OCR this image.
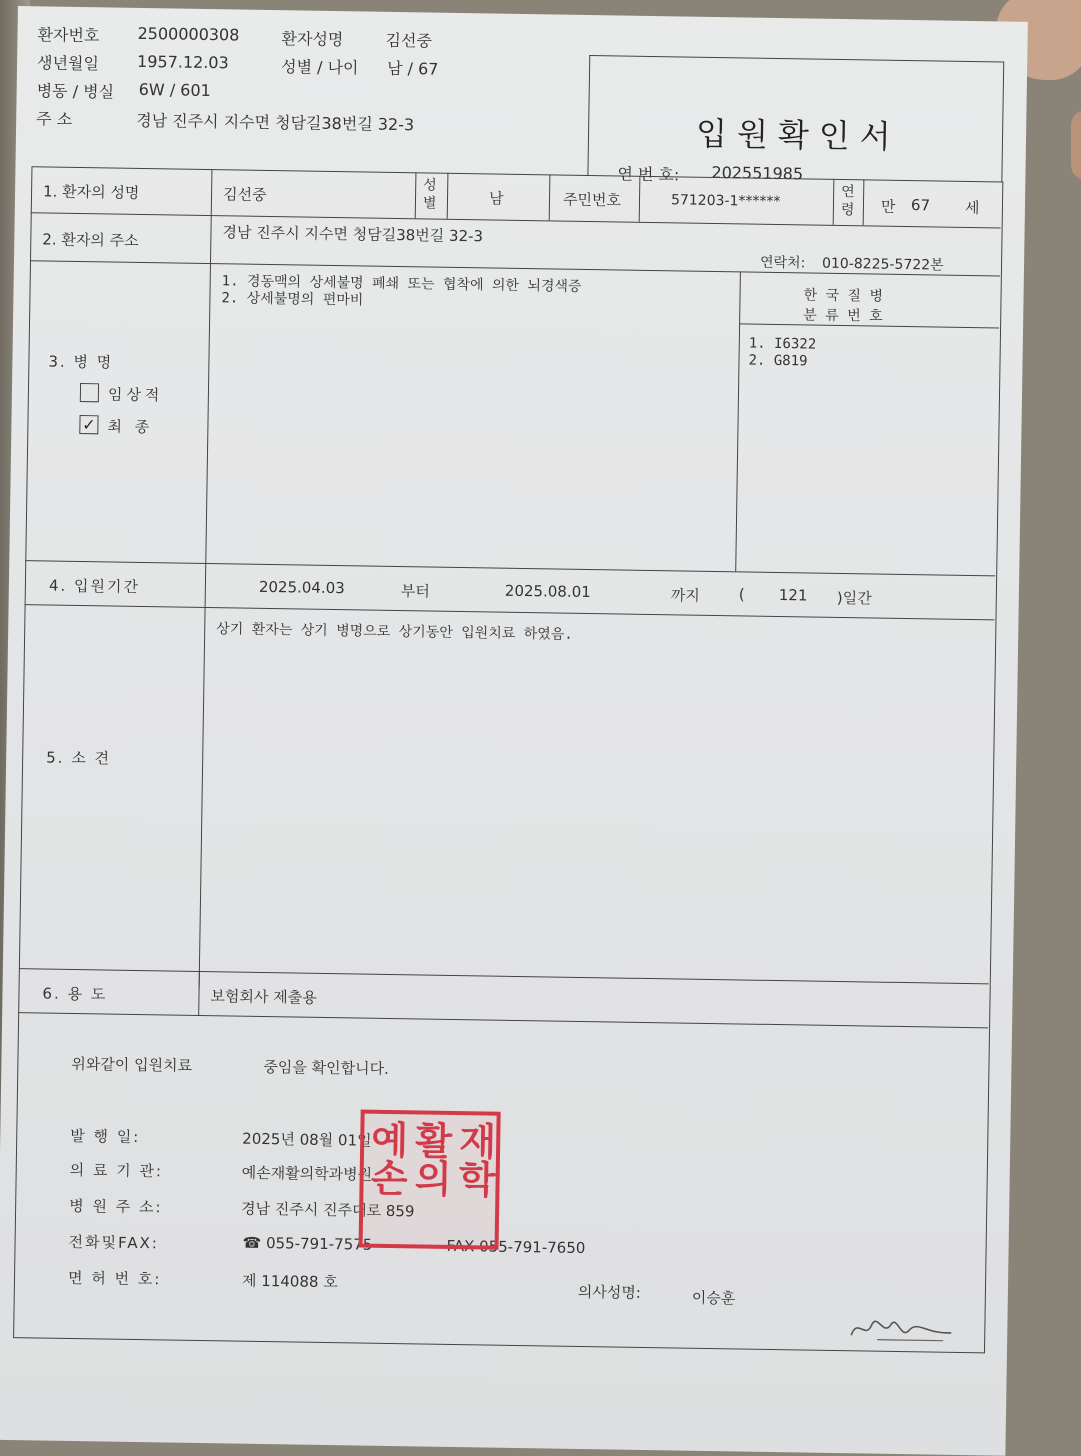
환자번호 2500000308	환자성명	김선중
생년월일 1957.12.03	성별 / 나이 남 / 67
병동 / 병실 6W / 601
주 소	경남 진주시 지수면 청담길38번길 32-3	입원확인서
연 번 호: 202551985
1. 환자의 성명	김선중	성별	남	주민번호	571203-1******
연령 만 67 세
2. 환자의 주소	경남 진주시 지수면 청담길38번길 32-3
연락처: 010-8225-5722본
3. 병 명
임상적
✓ 최 종
1. 경동맥의 상세불명 폐쇄 또는 협착에 의한 뇌경색증
2. 상세불명의 편마비	한 국 질 병
분 류 번 호
1. I6322
2. G819
4. 입원기간	2025.04.03	부터	2025.08.01	까지	( 121 )일간
5. 소 견
상기 환자는 상기 병명으로 상기동안 입원치료 하였음.
6. 용 도	보험회사 제출용
위와같이 입원치료	중임을 확인합니다.
발 행 일:	2025년 08월 01일
의 료 기 관:	예손재활의학과병원
병 원 주 소:	경남 진주시 진주대로 859
전화및FAX:	☎ 055-791-7575	FAX 055-791-7650
면 허 번 호:	제 114088 호
의사성명:	이승훈
예손
활의
재학
